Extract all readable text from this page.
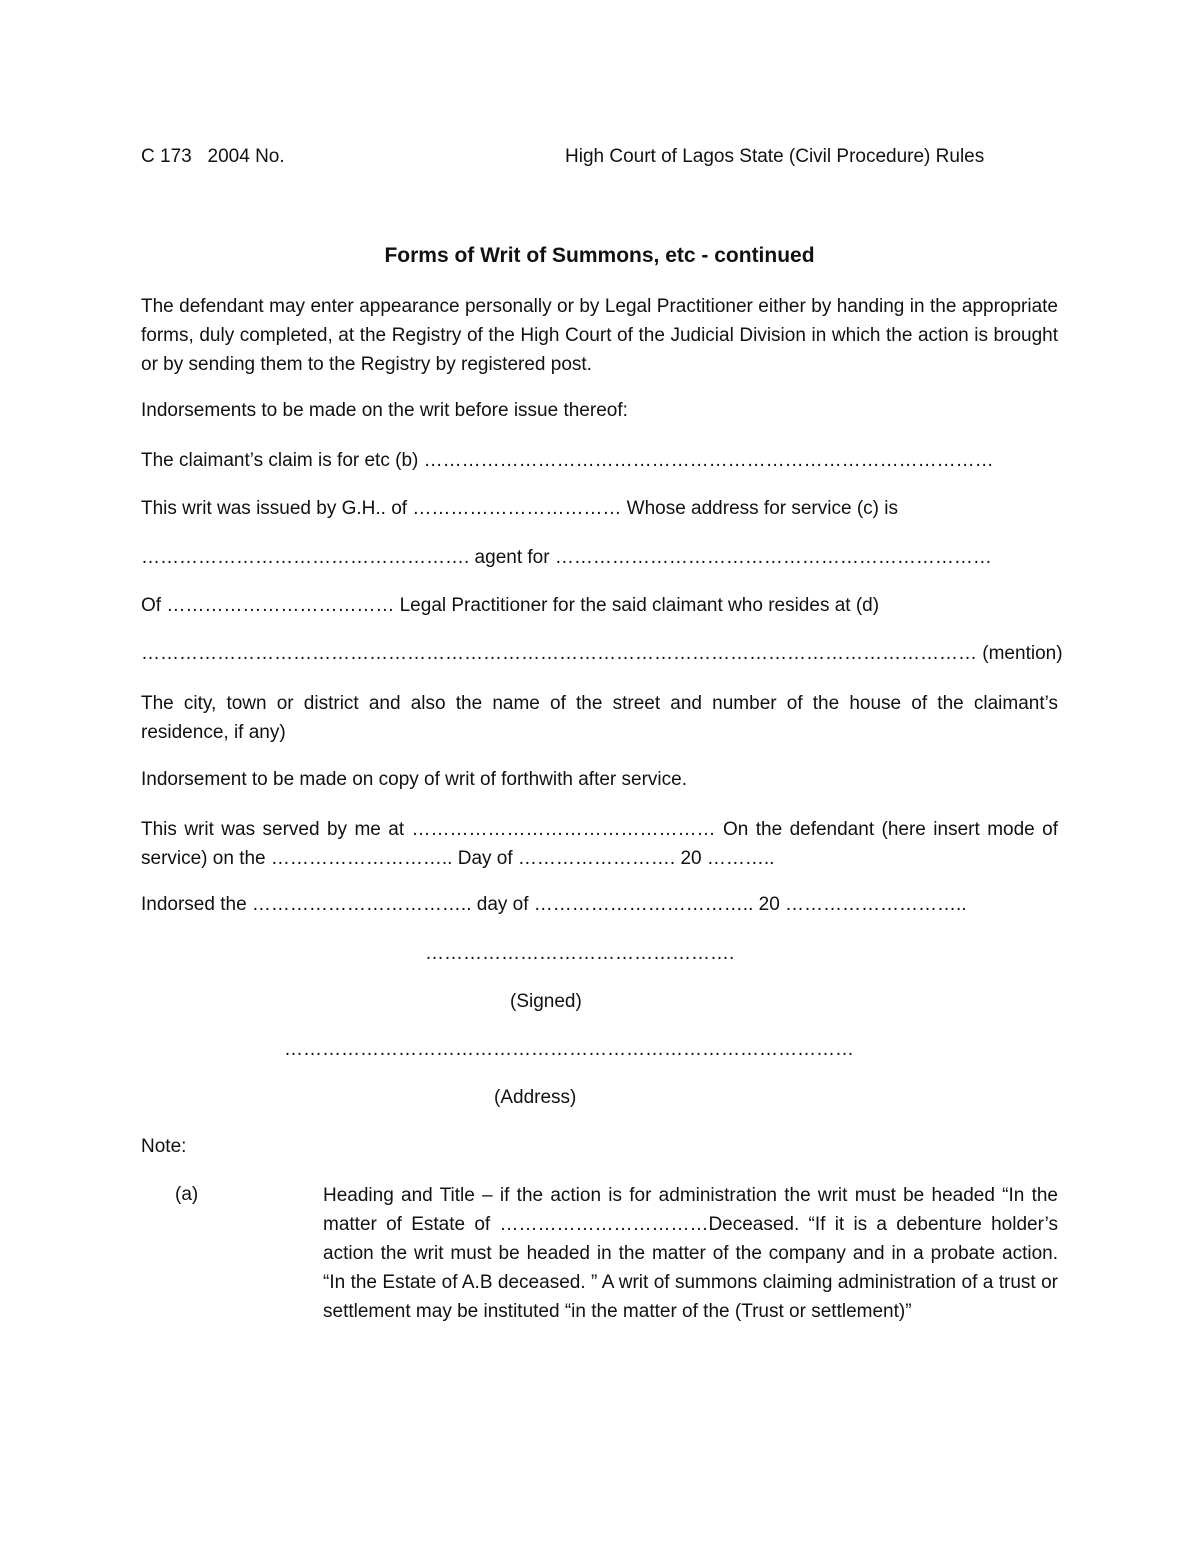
C 173   2004 No.	High Court of Lagos State (Civil Procedure) Rules
Forms of Writ of Summons, etc - continued
The defendant may enter appearance personally or by Legal Practitioner either by handing in the appropriate forms, duly completed, at the Registry of the High Court of the Judicial Division in which the action is brought or by sending them to the Registry by registered post.
Indorsements to be made on the writ before issue thereof:
The claimant’s claim is for etc (b) ………………………………………………………………………………
This writ was issued by G.H.. of …………………………… Whose address for service (c) is
……………………………………………. agent for ……………………………………………………………
Of ……………………………… Legal Practitioner for the said claimant who resides at (d)
…………………………………………………………………………………………………………………… (mention)
The city, town or district and also the name of the street and number of the house of the claimant’s residence, if any)
Indorsement to be made on copy of writ of forthwith after service.
This writ was served by me at ………………………………………… On the defendant (here insert mode of service) on the ……………………….. Day of ……………………. 20 ………..
Indorsed the …………………………….. day of …………………………….. 20 ………………………..
………………………………………….
(Signed)
………………………………………………………………………………
(Address)
Note:
(a)	Heading and Title – if the action is for administration the writ must be headed “In the matter of Estate of ……………………………Deceased. “If it is a debenture holder’s action the writ must be headed in the matter of the company and in a probate action. “In the Estate of A.B deceased. ” A writ of summons claiming administration of a trust or settlement may be instituted “in the matter of the (Trust or settlement)”
